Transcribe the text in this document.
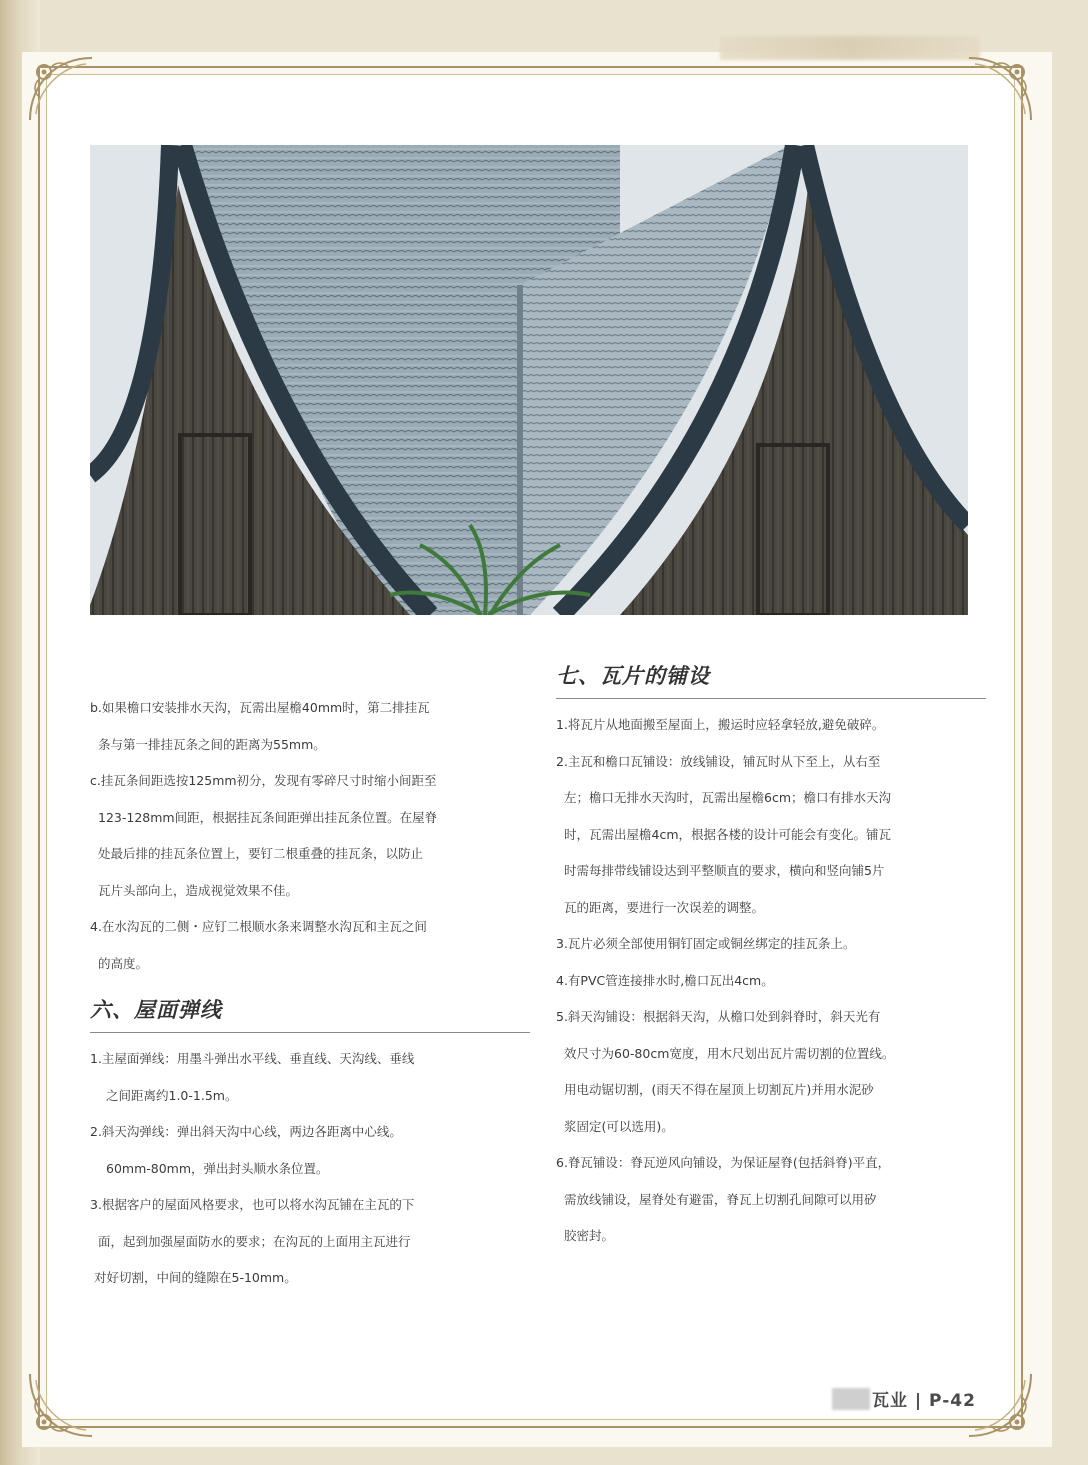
b.如果檐口安装排水天沟，瓦需出屋檐40mm时，第二排挂瓦

条与第一排挂瓦条之间的距离为55mm。

c.挂瓦条间距选按125mm初分，发现有零碎尺寸时缩小间距至

123-128mm间距，根据挂瓦条间距弹出挂瓦条位置。在屋脊

处最后排的挂瓦条位置上，要钉二根重叠的挂瓦条，以防止

瓦片头部向上，造成视觉效果不佳。

4.在水沟瓦的二侧・应钉二根顺水条来调整水沟瓦和主瓦之间

的高度。

六、屋面弹线

1.主屋面弹线：用墨斗弹出水平线、垂直线、天沟线、垂线

之间距离约1.0-1.5m。

2.斜天沟弹线：弹出斜天沟中心线，两边各距离中心线。

60mm-80mm，弹出封头顺水条位置。

3.根据客户的屋面风格要求，也可以将水沟瓦铺在主瓦的下

面，起到加强屋面防水的要求；在沟瓦的上面用主瓦进行

对好切割，中间的缝隙在5-10mm。

七、瓦片的铺设

1.将瓦片从地面搬至屋面上，搬运时应轻拿轻放,避免破碎。

2.主瓦和檐口瓦铺设：放线铺设，铺瓦时从下至上，从右至

左；檐口无排水天沟时，瓦需出屋檐6cm；檐口有排水天沟

时，瓦需出屋檐4cm，根据各楼的设计可能会有变化。铺瓦

时需每排带线铺设达到平整顺直的要求，横向和竖向铺5片

瓦的距离，要进行一次误差的调整。

3.瓦片必须全部使用铜钉固定或铜丝绑定的挂瓦条上。

4.有PVC管连接排水时,檐口瓦出4cm。

5.斜天沟铺设：根据斜天沟，从檐口处到斜脊时，斜天光有

效尺寸为60-80cm宽度，用木尺划出瓦片需切割的位置线。

用电动锯切割，(雨天不得在屋顶上切割瓦片)并用水泥砂

浆固定(可以选用)。

6.脊瓦铺设：脊瓦逆风向铺设，为保证屋脊(包括斜脊)平直，

需放线铺设，屋脊处有避雷，脊瓦上切割孔间隙可以用矽

胶密封。

瓦业 | P-42
